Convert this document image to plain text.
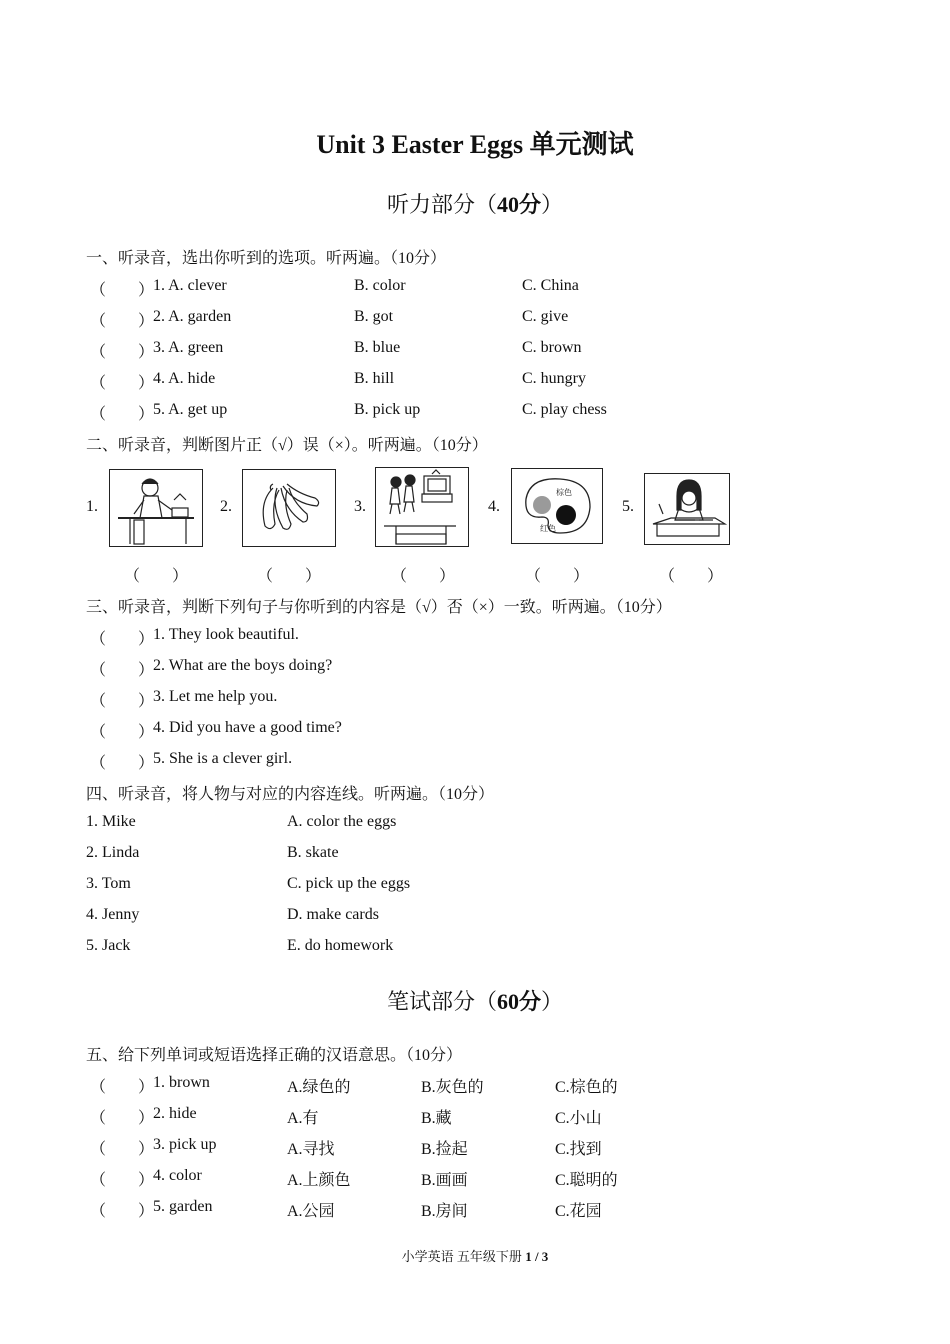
Unit 3 Easter Eggs 单元测试
听力部分（40分）
一、听录音，选出你听到的选项。听两遍。（10分）
（　　）
1. A. clever	B. color	C. China
（　　）
2. A. garden	B. got	C. give
（　　）
3. A. green	B. blue	C. brown
（　　）
4. A. hide	B. hill	C. hungry
（　　）
5. A. get up	B. pick up	C. play chess
二、听录音，判断图片正（√）误（×）。听两遍。（10分）
1.	2.	3.	4.
棕色
红色
5.
（　　）	（　　）	（　　）	（　　）	（　　）
三、听录音，判断下列句子与你听到的内容是（√）否（×）一致。听两遍。（10分）
（　　）
1. They look beautiful.
（　　）
2. What are the boys doing?
（　　）
3. Let me help you.
（　　）
4. Did you have a good time?
（　　）
5. She is a clever girl.
四、听录音，将人物与对应的内容连线。听两遍。（10分）
1. Mike	A. color the eggs
2. Linda	B. skate
3. Tom	C. pick up the eggs
4. Jenny	D. make cards
5. Jack	E. do homework
笔试部分（60分）
五、给下列单词或短语选择正确的汉语意思。（10分）
（　　）
1. brown	A.绿色的	B.灰色的	C.棕色的
（　　）
2. hide	A.有	B.藏	C.小山
（　　）
3. pick up	A.寻找	B.捡起	C.找到
（　　）
4. color	A.上颜色	B.画画	C.聪明的
（　　）
5. garden	A.公园	B.房间	C.花园
小学英语 五年级下册 1 / 3
